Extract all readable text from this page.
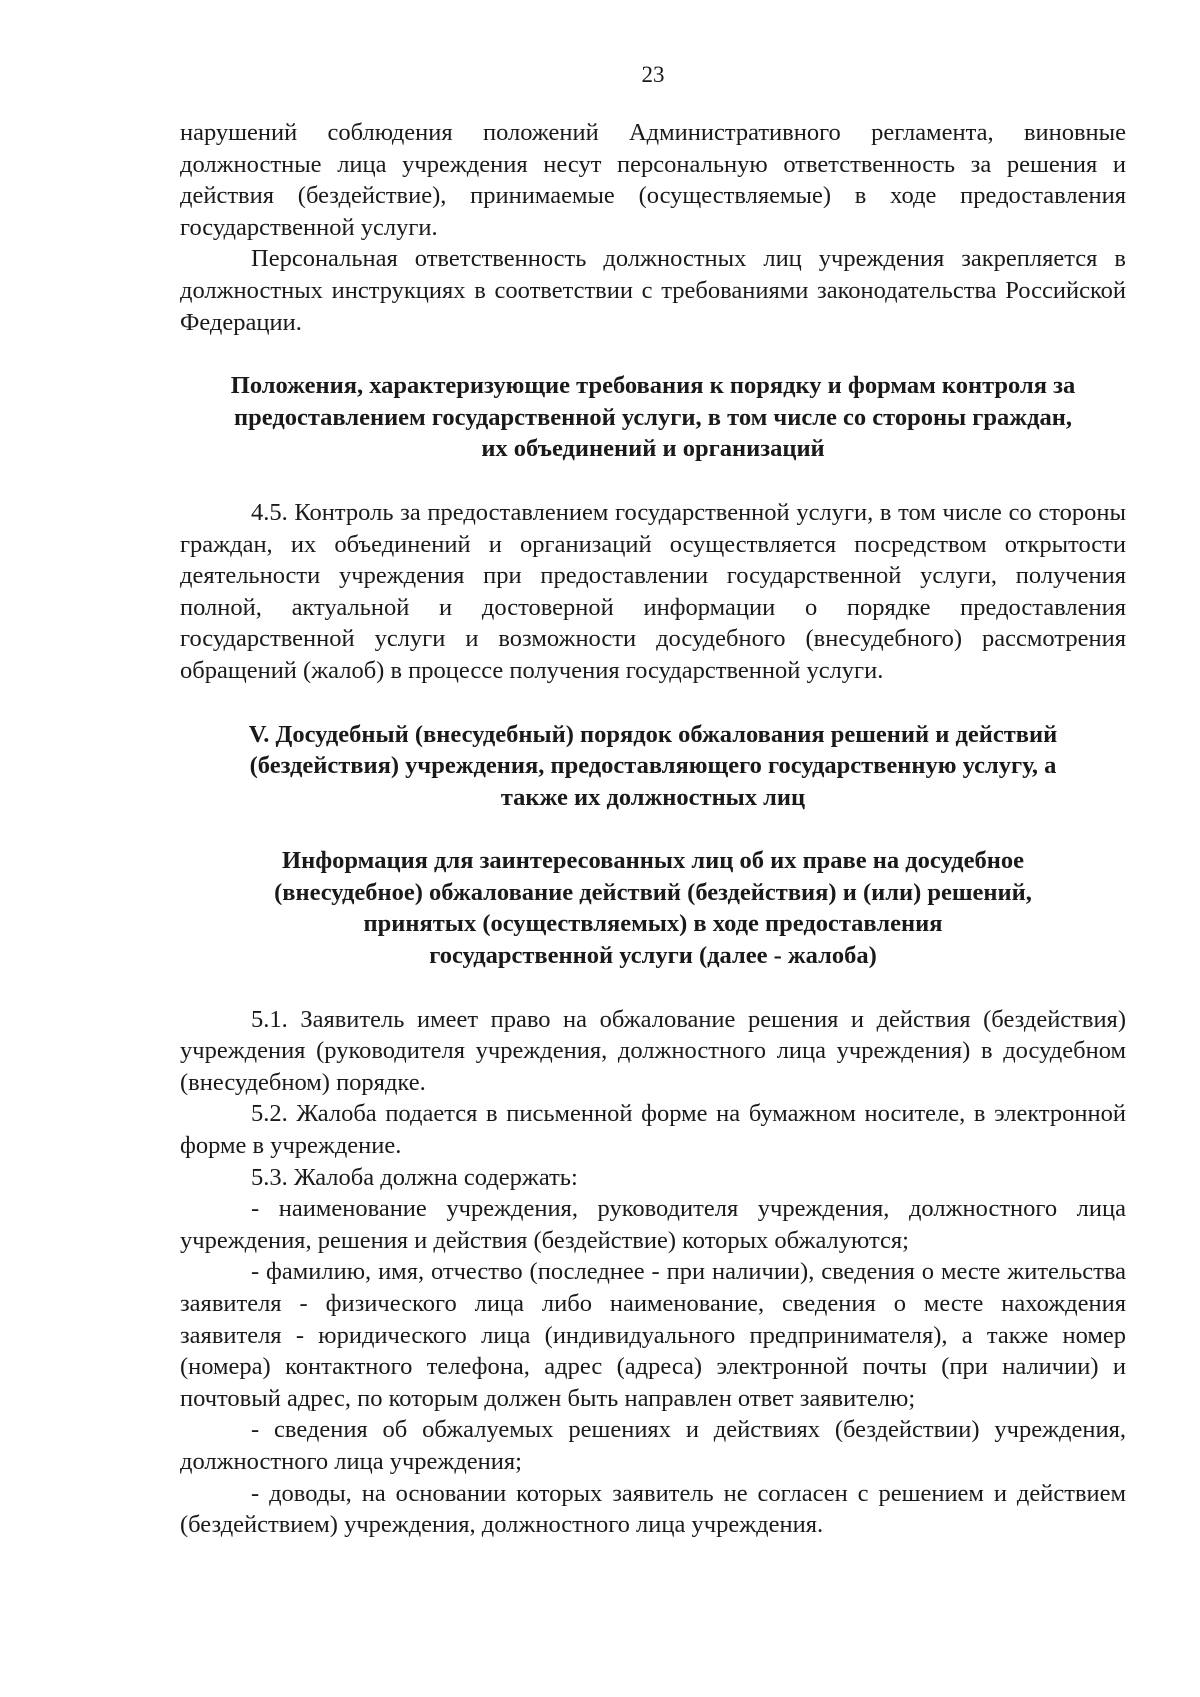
23

нарушений соблюдения положений Административного регламента, виновные должностные лица учреждения несут персональную ответственность за решения и действия (бездействие), принимаемые (осуществляемые) в ходе предоставления государственной услуги.

Персональная ответственность должностных лиц учреждения закрепляется в должностных инструкциях в соответствии с требованиями законодательства Российской Федерации.

Положения, характеризующие требования к порядку и формам контроля за
предоставлением государственной услуги, в том числе со стороны граждан,
их объединений и организаций

4.5. Контроль за предоставлением государственной услуги, в том числе со стороны граждан, их объединений и организаций осуществляется посредством открытости деятельности учреждения при предоставлении государственной услуги, получения полной, актуальной и достоверной информации о порядке предоставления государственной услуги и возможности досудебного (внесудебного) рассмотрения обращений (жалоб) в процессе получения государственной услуги.

V. Досудебный (внесудебный) порядок обжалования решений и действий
(бездействия) учреждения, предоставляющего государственную услугу, а
также их должностных лиц
Информация для заинтересованных лиц об их праве на досудебное
(внесудебное) обжалование действий (бездействия) и (или) решений,
принятых (осуществляемых) в ходе предоставления
государственной услуги (далее - жалоба)

5.1. Заявитель имеет право на обжалование решения и действия (бездействия) учреждения (руководителя учреждения, должностного лица учреждения) в досудебном (внесудебном) порядке.

5.2. Жалоба подается в письменной форме на бумажном носителе, в электронной форме в учреждение.

5.3. Жалоба должна содержать:

- наименование учреждения, руководителя учреждения, должностного лица учреждения, решения и действия (бездействие) которых обжалуются;

- фамилию, имя, отчество (последнее - при наличии), сведения о месте жительства заявителя - физического лица либо наименование, сведения о месте нахождения заявителя - юридического лица (индивидуального предпринимателя), а также номер (номера) контактного телефона, адрес (адреса) электронной почты (при наличии) и почтовый адрес, по которым должен быть направлен ответ заявителю;

- сведения об обжалуемых решениях и действиях (бездействии) учреждения, должностного лица учреждения;

- доводы, на основании которых заявитель не согласен с решением и действием (бездействием) учреждения, должностного лица учреждения.
